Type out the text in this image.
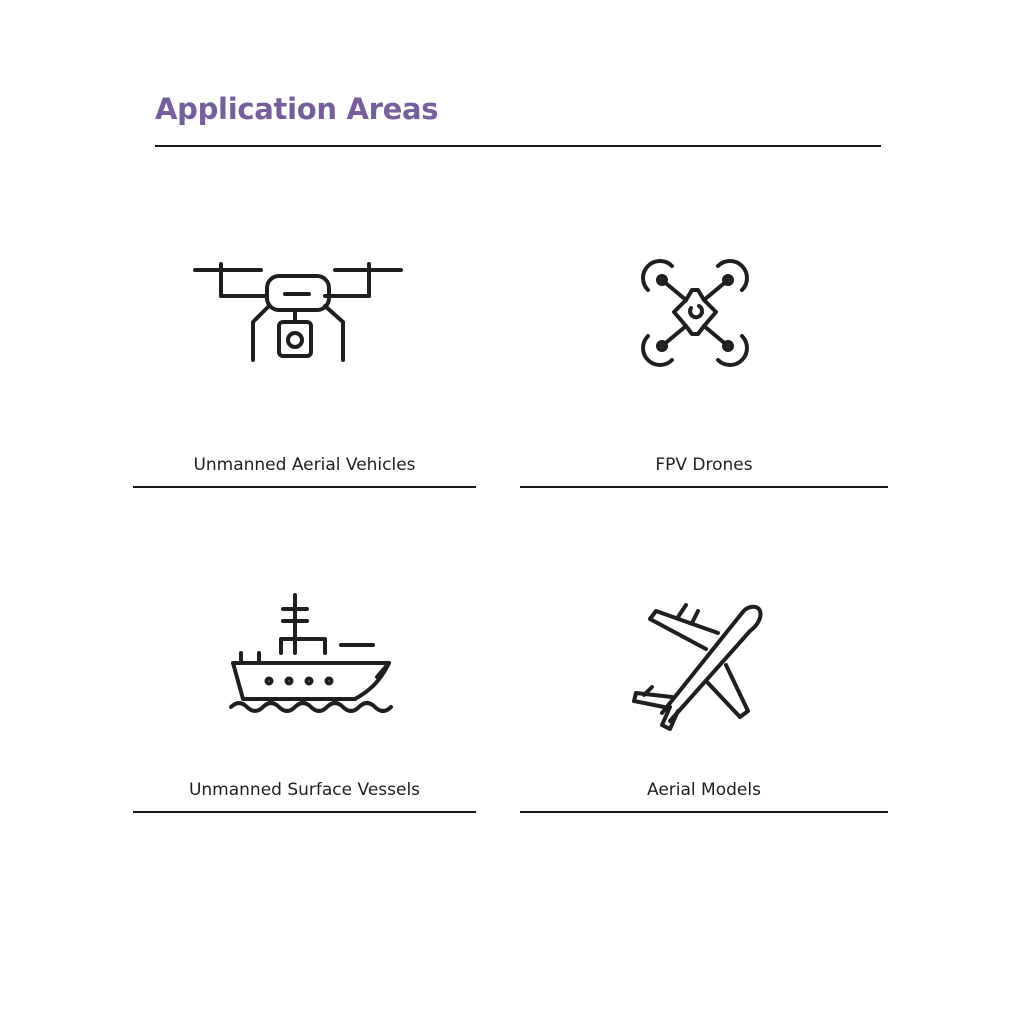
Application Areas
Unmanned Aerial Vehicles	FPV Drones
Unmanned Surface Vessels	Aerial Models
